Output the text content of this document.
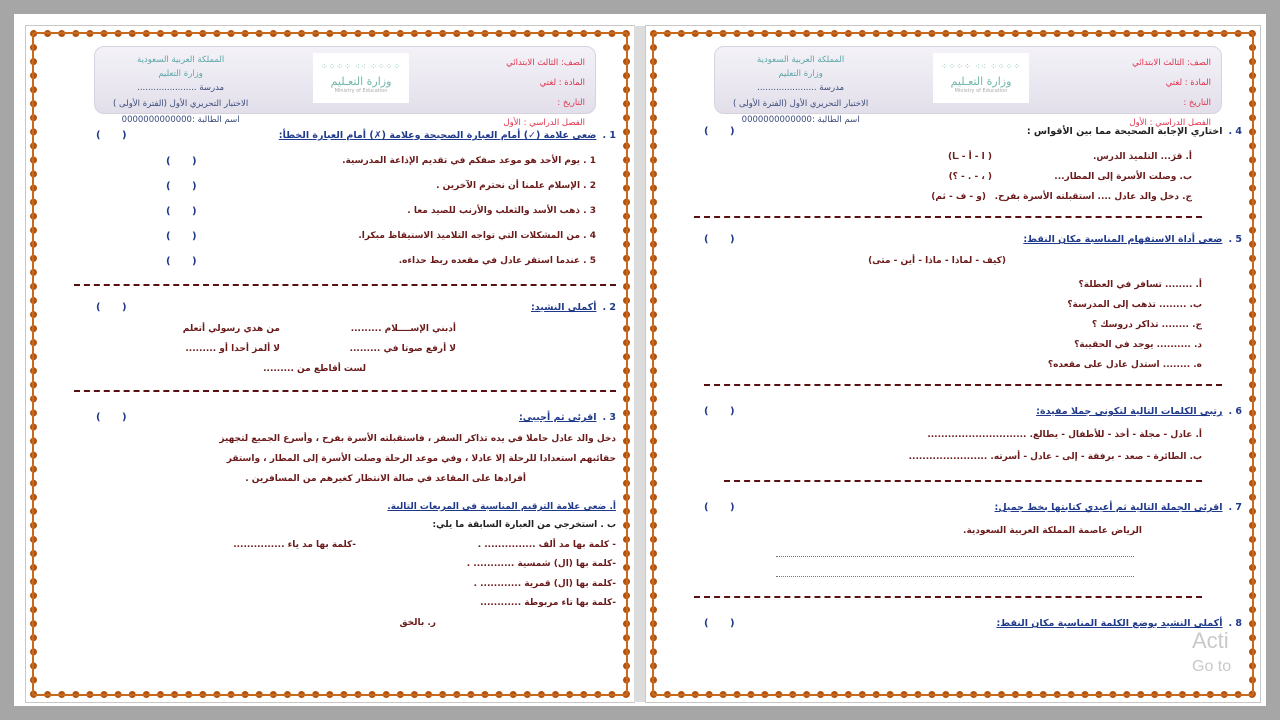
الصف: الثالث الابتدائي
المادة : لغتي
التاريخ :
الفصل الدراسي : الأول
⁘⁘⁘⁘ ⁖⁖ ⁘⁘⁘⁘
وزارة التعـليم
Ministry of Education
المملكة العربية السعودية
وزارة التعليم
مدرسة ......................
الاختبار التحريري الأول (الفترة الأولى )
اسم الطالبة :0000000000000
1 .ضعي علامة (✓) أمام العبارة الصحيحة وعلامة (✗) أمام العبارة الخطأ:
( )
1 . يوم الأحد هو موعد صفكم في تقديم الإذاعة المدرسية.
( )
2 . الإسلام علمنا أن نحترم الآخرين .
( )
3 . ذهب الأسد والثعلب والأرنب للصيد معا .
( )
4 . من المشكلات التي تواجه التلاميذ الاستيقاظ مبكرا.
( )
5 . عندما استقر عادل في مقعده ربط حذاءه.
( )
2 .أكملي النشيد:
( )
أدبني الإســــلام .........
من هدي رسولي أتعلم
لا أرفع صوتا في .........
لا ألمز أحدا أو .........
لست أقاطع من .........
3 .اقرئي ثم أجيبي:
( )
دخل والد عادل حاملا في يده تذاكر السفر ، فاستقبلته الأسرة بفرح ، وأسرع الجميع لتجهيز
حقائبهم استعدادا للرحلة إلا عادلا ، وفي موعد الرحلة وصلت الأسرة إلى المطار ، واستقر
أفرادها على المقاعد في صالة الانتظار كغيرهم من المسافرين .
أ. ضعي علامة الترقيم المناسبة في المربعات التالية.
ب . استخرجي من العبارة السابقة ما يلي:
- كلمة بها مد ألف ............... .
-كلمة بها مد ياء ...............
-كلمة بها (ال) شمسية ............ .
-كلمة بها (ال) قمرية ............ .
-كلمة بها تاء مربوطة ............
ر. بالخق
الصف: الثالث الابتدائي
المادة : لغتي
التاريخ :
الفصل الدراسي : الأول
⁘⁘⁘⁘ ⁖⁖ ⁘⁘⁘⁘
وزارة التعـليم
Ministry of Education
المملكة العربية السعودية
وزارة التعليم
مدرسة ......................
الاختبار التحريري الأول (الفترة الأولى )
اسم الطالبة :0000000000000
4 .اختاري الإجابة الصحيحة مما بين الأقواس :
( )
أ. قرَ... التلميذ الدرس.
( ا - أ - ـا)
ب. وصلت الأسرة إلى المطار...
( ، - . - ؟)
ج. دخل والد عادل .... استقبلته الأسرة بفرح.
(و - ف - ثم)
5 .ضعي أداة الاستفهام المناسبة مكان النقط:
( )
(كيف - لماذا - ماذا - أين - متى)
أ. ........ تسافر في العطلة؟
ب. ........ تذهب إلى المدرسة؟
ج. ........ تذاكر دروسك ؟
د. .......... يوجد في الحقيبة؟
ه. ........ استدل عادل على مقعده؟
6 .رتبي الكلمات التالية لتكوني جملا مفيدة:
( )
أ. عادل - مجلة - أخذ - للأطفال - يطالع. .............................
ب. الطائرة - صعد - برفقة - إلى - عادل - أسرته. .......................
7 .اقرئي الجملة التالية ثم أعيدي كتابتها بخط جميل:
( )
الرياض عاصمة المملكة العربية السعودية.
8 .أكملي النشيد بوضع الكلمة المناسبة مكان النقط:
( )
Acti
Go to
